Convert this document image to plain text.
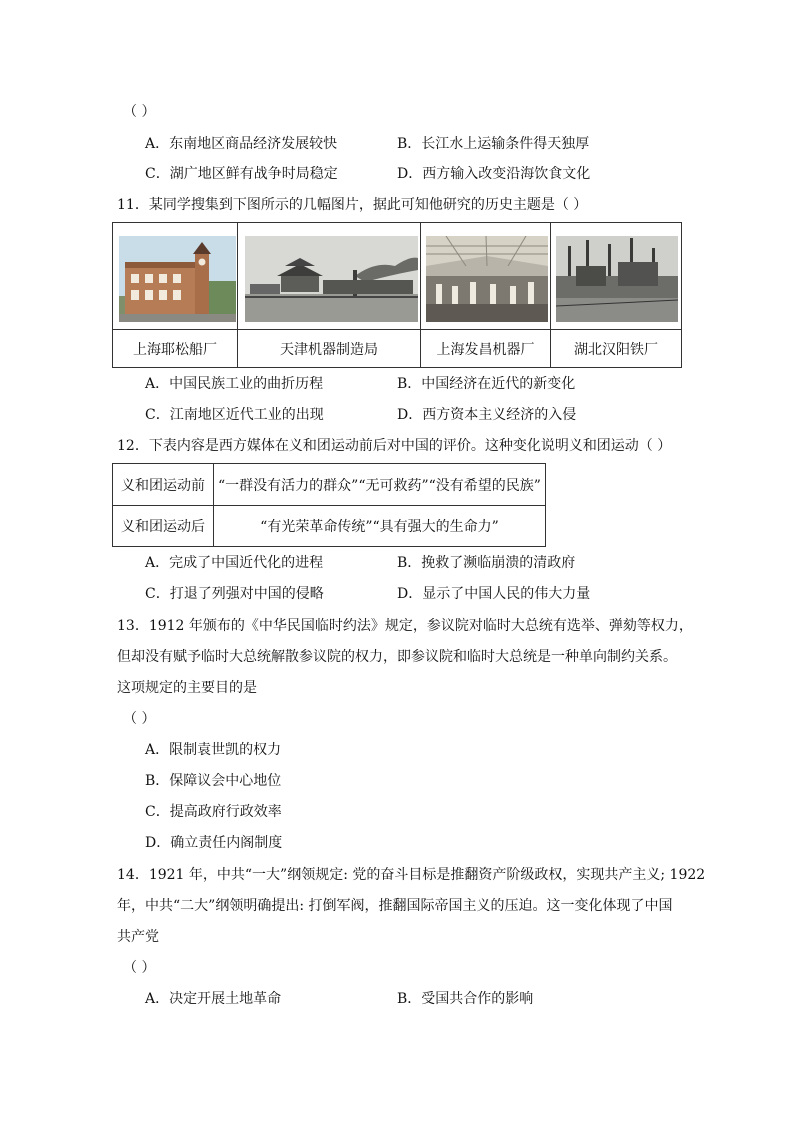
（ ）
A．东南地区商品经济发展较快	B．长江水上运输条件得天独厚
C．湖广地区鲜有战争时局稳定	D．西方输入改变沿海饮食文化
11．某同学搜集到下图所示的几幅图片，据此可知他研究的历史主题是（ ）
上海耶松船厂	天津机器制造局	上海发昌机器厂	湖北汉阳铁厂
A．中国民族工业的曲折历程	B．中国经济在近代的新变化
C．江南地区近代工业的出现	D．西方资本主义经济的入侵
12．下表内容是西方媒体在义和团运动前后对中国的评价。这种变化说明义和团运动（ ）
义和团运动前 “一群没有活力的群众”“无可救药”“没有希望的民族”
义和团运动后	“有光荣革命传统”“具有强大的生命力”
A．完成了中国近代化的进程	B．挽救了濒临崩溃的清政府
C．打退了列强对中国的侵略	D．显示了中国人民的伟大力量
13．1912 年颁布的《中华民国临时约法》规定，参议院对临时大总统有选举、弹劾等权力，
但却没有赋予临时大总统解散参议院的权力，即参议院和临时大总统是一种单向制约关系。
这项规定的主要目的是
（ ）
A．限制袁世凯的权力
B．保障议会中心地位
C．提高政府行政效率
D．确立责任内阁制度
14．1921 年，中共“一大”纲领规定: 党的奋斗目标是推翻资产阶级政权，实现共产主义; 1922
年，中共“二大”纲领明确提出: 打倒军阀，推翻国际帝国主义的压迫。这一变化体现了中国
共产党
（ ）
A．决定开展土地革命	B．受国共合作的影响
